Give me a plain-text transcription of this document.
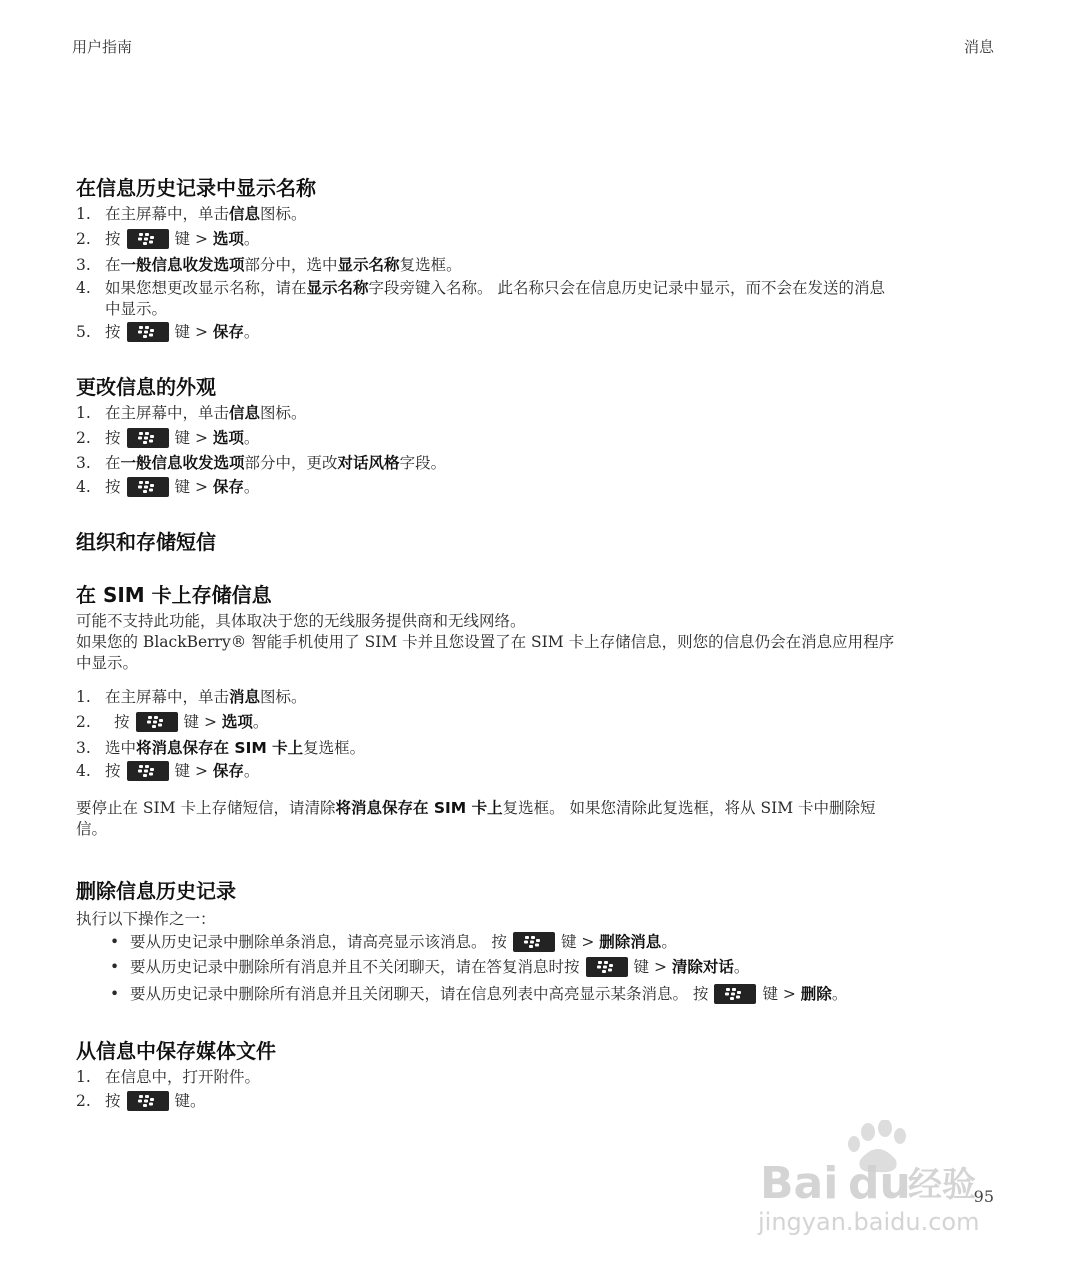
用户指南	消息
在信息历史记录中显示名称
1. 在主屏幕中，单击信息图标。
2. 按	键 > 选项。
3. 在一般信息收发选项部分中，选中显示名称复选框。
4. 如果您想更改显示名称，请在显示名称字段旁键入名称。 此名称只会在信息历史记录中显示，而不会在发送的消息
中显示。
5. 按	键 > 保存。
更改信息的外观
1. 在主屏幕中，单击信息图标。
2. 按	键 > 选项。
3. 在一般信息收发选项部分中，更改对话风格字段。
4. 按	键 > 保存。
组织和存储短信
在 SIM 卡上存储信息
可能不支持此功能，具体取决于您的无线服务提供商和无线网络。
如果您的 BlackBerry® 智能手机使用了 SIM 卡并且您设置了在 SIM 卡上存储信息，则您的信息仍会在消息应用程序
中显示。
1. 在主屏幕中，单击消息图标。
2. 按	键 > 选项。
3. 选中将消息保存在 SIM 卡上复选框。
4. 按	键 > 保存。
要停止在 SIM 卡上存储短信，请清除将消息保存在 SIM 卡上复选框。 如果您清除此复选框，将从 SIM 卡中删除短
信。
删除信息历史记录
执行以下操作之一：
• 要从历史记录中删除单条消息，请高亮显示该消息。 按	键 > 删除消息。
• 要从历史记录中删除所有消息并且不关闭聊天，请在答复消息时按	键 > 清除对话。
• 要从历史记录中删除所有消息并且关闭聊天，请在信息列表中高亮显示某条消息。 按	键 > 删除。
从信息中保存媒体文件
1. 在信息中，打开附件。
2. 按	键。
95
Bai du
经验
jingyan.baidu.com
